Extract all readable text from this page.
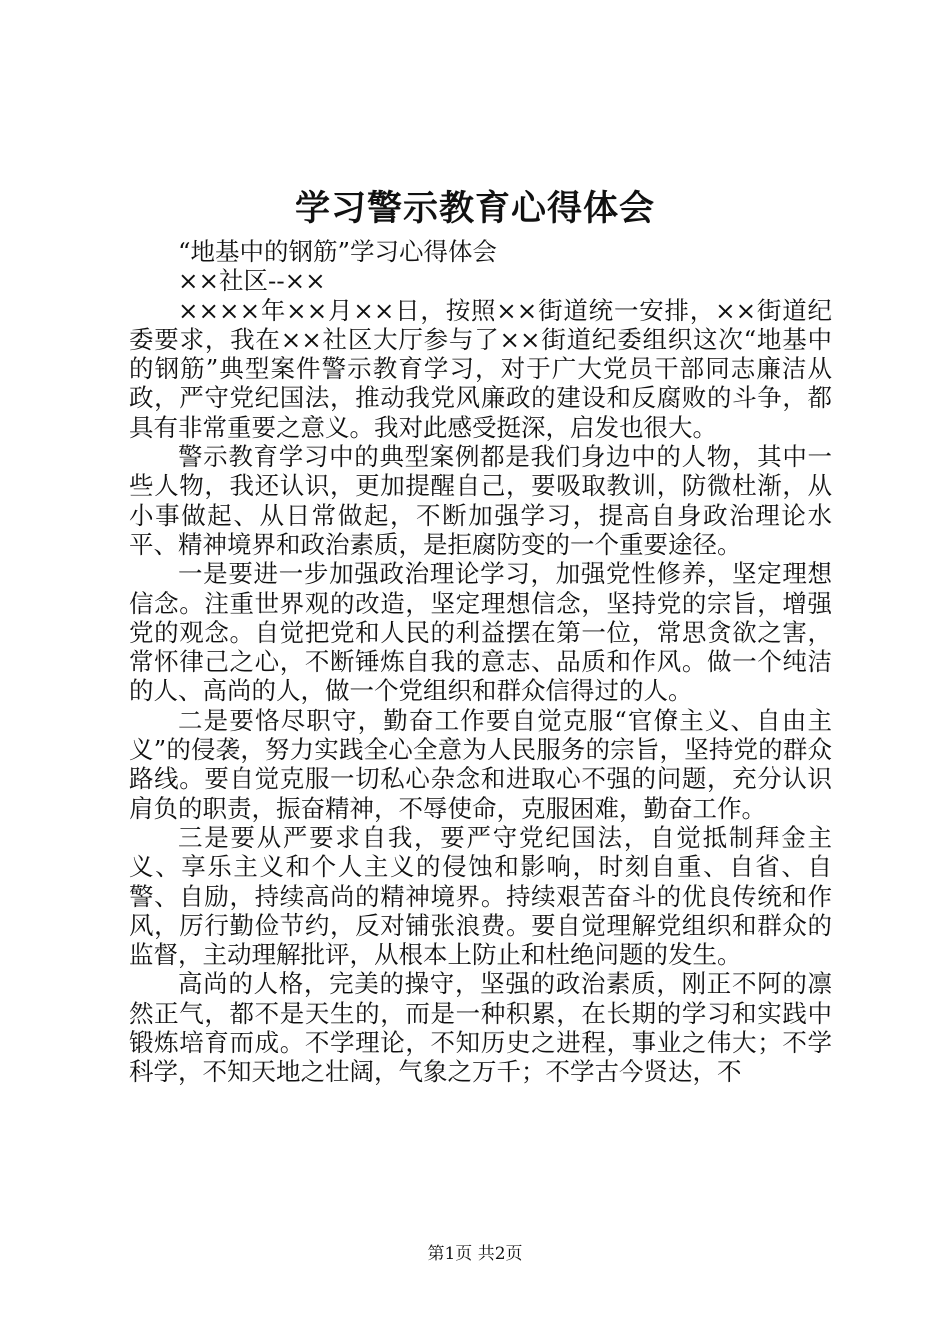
学习警示教育心得体会

“地基中的钢筋”学习心得体会

××社区--××

××××年××月××日，按照××街道统一安排，××街道纪委要求，我在××社区大厅参与了××街道纪委组织这次“地基中的钢筋”典型案件警示教育学习，对于广大党员干部同志廉洁从政，严守党纪国法，推动我党风廉政的建设和反腐败的斗争，都具有非常重要之意义。我对此感受挺深，启发也很大。

警示教育学习中的典型案例都是我们身边中的人物，其中一些人物，我还认识，更加提醒自己，要吸取教训，防微杜渐，从小事做起、从日常做起，不断加强学习，提高自身政治理论水平、精神境界和政治素质，是拒腐防变的一个重要途径。

一是要进一步加强政治理论学习，加强党性修养，坚定理想信念。注重世界观的改造，坚定理想信念，坚持党的宗旨，增强党的观念。自觉把党和人民的利益摆在第一位，常思贪欲之害，常怀律己之心，不断锤炼自我的意志、品质和作风。做一个纯洁的人、高尚的人，做一个党组织和群众信得过的人。

二是要恪尽职守，勤奋工作要自觉克服“官僚主义、自由主义”的侵袭，努力实践全心全意为人民服务的宗旨，坚持党的群众路线。要自觉克服一切私心杂念和进取心不强的问题，充分认识肩负的职责，振奋精神，不辱使命，克服困难，勤奋工作。

三是要从严要求自我，要严守党纪国法，自觉抵制拜金主义、享乐主义和个人主义的侵蚀和影响，时刻自重、自省、自警、自励，持续高尚的精神境界。持续艰苦奋斗的优良传统和作风，厉行勤俭节约，反对铺张浪费。要自觉理解党组织和群众的监督，主动理解批评，从根本上防止和杜绝问题的发生。

高尚的人格，完美的操守，坚强的政治素质，刚正不阿的凛然正气，都不是天生的，而是一种积累，在长期的学习和实践中锻炼培育而成。不学理论，不知历史之进程，事业之伟大；不学科学，不知天地之壮阔，气象之万千；不学古今贤达，不

第1页 共2页
